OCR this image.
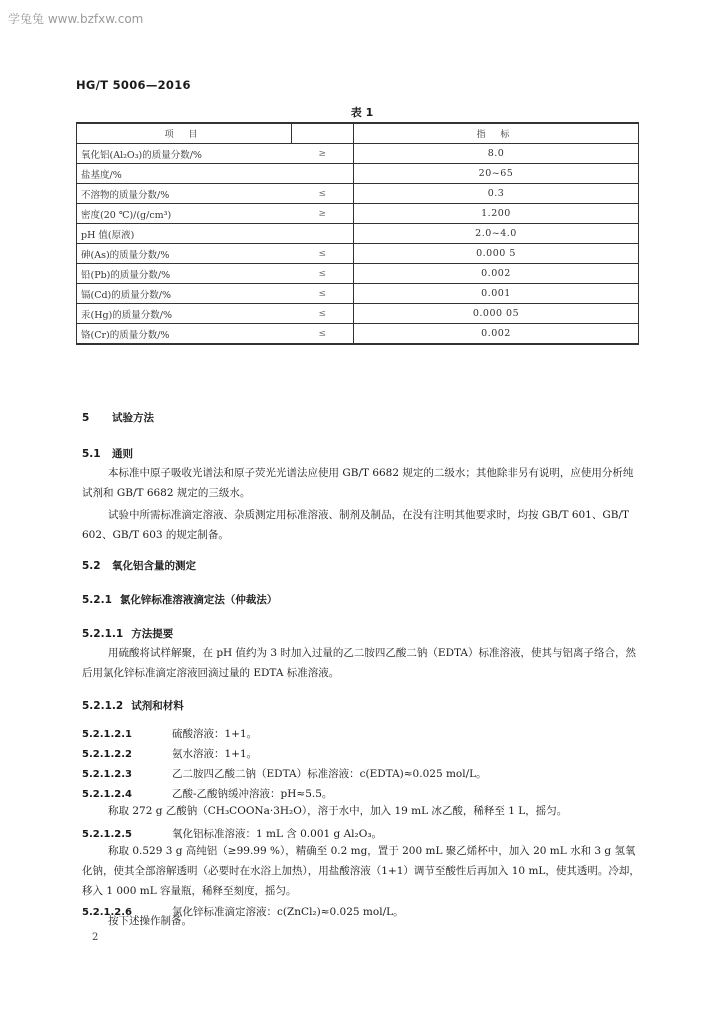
学兔兔 www.bzfxw.com
HG/T 5006—2016
表 1
项 目		指 标
氧化铝(Al₂O₃)的质量分数/%	≥	8.0
盐基度/%		20~65
不溶物的质量分数/%	≤	0.3
密度(20 ℃)/(g/cm³)	≥	1.200
pH 值(原液)		2.0~4.0
砷(As)的质量分数/%	≤	0.000 5
铅(Pb)的质量分数/%	≤	0.002
镉(Cd)的质量分数/%	≤	0.001
汞(Hg)的质量分数/%	≤	0.000 05
铬(Cr)的质量分数/%	≤	0.002
5 试验方法
5.1 通则

本标准中原子吸收光谱法和原子荧光光谱法应使用 GB/T 6682 规定的二级水；其他除非另有说明，应使用分析纯试剂和 GB/T 6682 规定的三级水。

试验中所需标准滴定溶液、杂质测定用标准溶液、制剂及制品，在没有注明其他要求时，均按 GB/T 601、GB/T 602、GB/T 603 的规定制备。

5.2 氧化铝含量的测定
5.2.1 氯化锌标准溶液滴定法（仲裁法）
5.2.1.1 方法提要

用硫酸将试样解聚，在 pH 值约为 3 时加入过量的乙二胺四乙酸二钠（EDTA）标准溶液，使其与铝离子络合，然后用氯化锌标准滴定溶液回滴过量的 EDTA 标准溶液。

5.2.1.2 试剂和材料
5.2.1.2.1	硫酸溶液：1+1。
5.2.1.2.2	氨水溶液：1+1。
5.2.1.2.3	乙二胺四乙酸二钠（EDTA）标准溶液：c(EDTA)≈0.025 mol/L。
5.2.1.2.4	乙酸-乙酸钠缓冲溶液：pH≈5.5。

称取 272 g 乙酸钠（CH₃COONa·3H₂O），溶于水中，加入 19 mL 冰乙酸，稀释至 1 L，摇匀。

5.2.1.2.5	氧化铝标准溶液：1 mL 含 0.001 g Al₂O₃。

称取 0.529 3 g 高纯铝（≥99.99 %），精确至 0.2 mg，置于 200 mL 聚乙烯杯中，加入 20 mL 水和 3 g 氢氧化钠，使其全部溶解透明（必要时在水浴上加热），用盐酸溶液（1+1）调节至酸性后再加入 10 mL，使其透明。冷却，移入 1 000 mL 容量瓶，稀释至刻度，摇匀。

5.2.1.2.6	氯化锌标准滴定溶液：c(ZnCl₂)≈0.025 mol/L。

按下述操作制备。

2
